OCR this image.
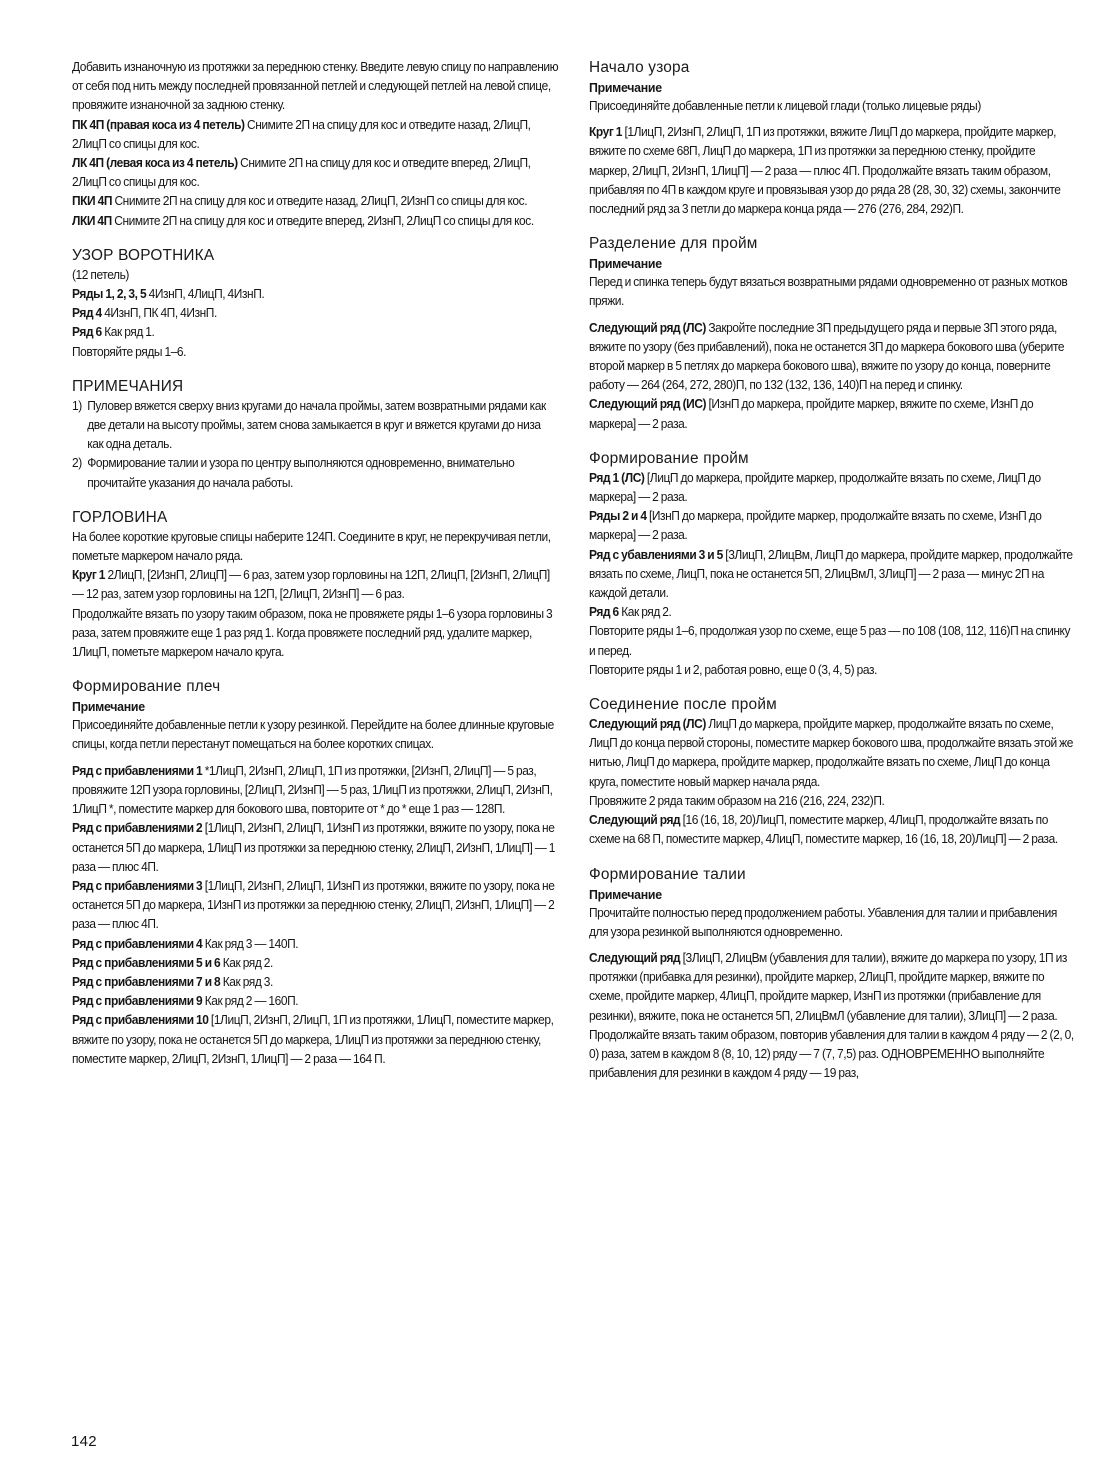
Добавить изнаночную из протяжки за переднюю стенку. Введите левую спицу по направлению от себя под нить между последней провязанной петлей и следующей петлей на левой спице, провяжите изнаночной за заднюю стенку.

ПК 4П (правая коса из 4 петель) Снимите 2П на спицу для кос и отведите назад, 2ЛицП, 2ЛицП со спицы для кос.

ЛК 4П (левая коса из 4 петель) Снимите 2П на спицу для кос и отведите вперед, 2ЛицП, 2ЛицП со спицы для кос.

ПКИ 4П Снимите 2П на спицу для кос и отведите назад, 2ЛицП, 2ИзнП со спицы для кос.

ЛКИ 4П Снимите 2П на спицу для кос и отведите вперед, 2ИзнП, 2ЛицП со спицы для кос.

УЗОР ВОРОТНИКА

(12 петель)

Ряды 1, 2, 3, 5 4ИзнП, 4ЛицП, 4ИзнП.

Ряд 4 4ИзнП, ПК 4П, 4ИзнП.

Ряд 6 Как ряд 1.

Повторяйте ряды 1–6.

ПРИМЕЧАНИЯ
1) Пуловер вяжется сверху вниз кругами до начала проймы, затем возвратными рядами как две детали на высоту проймы, затем снова замыкается в круг и вяжется кругами до низа как одна деталь.
2) Формирование талии и узора по центру выполняются одновременно, внимательно прочитайте указания до начала работы.
ГОРЛОВИНА

На более короткие круговые спицы наберите 124П. Соедините в круг, не перекручивая петли, пометьте маркером начало ряда.

Круг 1 2ЛицП, [2ИзнП, 2ЛицП] — 6 раз, затем узор горловины на 12П, 2ЛицП, [2ИзнП, 2ЛицП] — 12 раз, затем узор горловины на 12П, [2ЛицП, 2ИзнП] — 6 раз.

Продолжайте вязать по узору таким образом, пока не провяжете ряды 1–6 узора горловины 3 раза, затем провяжите еще 1 раз ряд 1. Когда провяжете последний ряд, удалите маркер, 1ЛицП, пометьте маркером начало круга.

Формирование плеч
Примечание

Присоединяйте добавленные петли к узору резинкой. Перейдите на более длинные круговые спицы, когда петли перестанут помещаться на более коротких спицах.

Ряд с прибавлениями 1 *1ЛицП, 2ИзнП, 2ЛицП, 1П из протяжки, [2ИзнП, 2ЛицП] — 5 раз, провяжите 12П узора горловины, [2ЛицП, 2ИзнП] — 5 раз, 1ЛицП из протяжки, 2ЛицП, 2ИзнП, 1ЛицП *, поместите маркер для бокового шва, повторите от * до * еще 1 раз — 128П.

Ряд с прибавлениями 2 [1ЛицП, 2ИзнП, 2ЛицП, 1ИзнП из протяжки, вяжите по узору, пока не останется 5П до маркера, 1ЛицП из протяжки за переднюю стенку, 2ЛицП, 2ИзнП, 1ЛицП] — 1 раза — плюс 4П.

Ряд с прибавлениями 3 [1ЛицП, 2ИзнП, 2ЛицП, 1ИзнП из протяжки, вяжите по узору, пока не останется 5П до маркера, 1ИзнП из протяжки за переднюю стенку, 2ЛицП, 2ИзнП, 1ЛицП] — 2 раза — плюс 4П.

Ряд с прибавлениями 4 Как ряд 3 — 140П.

Ряд с прибавлениями 5 и 6 Как ряд 2.

Ряд с прибавлениями 7 и 8 Как ряд 3.

Ряд с прибавлениями 9 Как ряд 2 — 160П.

Ряд с прибавлениями 10 [1ЛицП, 2ИзнП, 2ЛицП, 1П из протяжки, 1ЛицП, поместите маркер, вяжите по узору, пока не останется 5П до маркера, 1ЛицП из протяжки за переднюю стенку, поместите маркер, 2ЛицП, 2ИзнП, 1ЛицП] — 2 раза — 164 П.

Начало узора
Примечание

Присоединяйте добавленные петли к лицевой глади (только лицевые ряды)

Круг 1 [1ЛицП, 2ИзнП, 2ЛицП, 1П из протяжки, вяжите ЛицП до маркера, пройдите маркер, вяжите по схеме 68П, ЛицП до маркера, 1П из протяжки за переднюю стенку, пройдите маркер, 2ЛицП, 2ИзнП, 1ЛицП] — 2 раза — плюс 4П. Продолжайте вязать таким образом, прибавляя по 4П в каждом круге и провязывая узор до ряда 28 (28, 30, 32) схемы, закончите последний ряд за 3 петли до маркера конца ряда — 276 (276, 284, 292)П.

Разделение для пройм
Примечание

Перед и спинка теперь будут вязаться возвратными рядами одновременно от разных мотков пряжи.

Следующий ряд (ЛС) Закройте последние 3П предыдущего ряда и первые 3П этого ряда, вяжите по узору (без прибавлений), пока не останется 3П до маркера бокового шва (уберите второй маркер в 5 петлях до маркера бокового шва), вяжите по узору до конца, поверните работу — 264 (264, 272, 280)П, по 132 (132, 136, 140)П на перед и спинку.

Следующий ряд (ИС) [ИзнП до маркера, пройдите маркер, вяжите по схеме, ИзнП до маркера] — 2 раза.

Формирование пройм

Ряд 1 (ЛС) [ЛицП до маркера, пройдите маркер, продолжайте вязать по схеме, ЛицП до маркера] — 2 раза.

Ряды 2 и 4 [ИзнП до маркера, пройдите маркер, продолжайте вязать по схеме, ИзнП до маркера] — 2 раза.

Ряд с убавлениями 3 и 5 [3ЛицП, 2ЛицВм, ЛицП до маркера, пройдите маркер, продолжайте вязать по схеме, ЛицП, пока не останется 5П, 2ЛицВмЛ, 3ЛицП] — 2 раза — минус 2П на каждой детали.

Ряд 6 Как ряд 2.

Повторите ряды 1–6, продолжая узор по схеме, еще 5 раз — по 108 (108, 112, 116)П на спинку и перед.

Повторите ряды 1 и 2, работая ровно, еще 0 (3, 4, 5) раз.

Соединение после пройм

Следующий ряд (ЛС) ЛицП до маркера, пройдите маркер, продолжайте вязать по схеме, ЛицП до конца первой стороны, поместите маркер бокового шва, продолжайте вязать этой же нитью, ЛицП до маркера, пройдите маркер, продолжайте вязать по схеме, ЛицП до конца круга, поместите новый маркер начала ряда.

Провяжите 2 ряда таким образом на 216 (216, 224, 232)П.

Следующий ряд [16 (16, 18, 20)ЛицП, поместите маркер, 4ЛицП, продолжайте вязать по схеме на 68 П, поместите маркер, 4ЛицП, поместите маркер, 16 (16, 18, 20)ЛицП] — 2 раза.

Формирование талии
Примечание

Прочитайте полностью перед продолжением работы. Убавления для талии и прибавления для узора резинкой выполняются одновременно.

Следующий ряд [3ЛицП, 2ЛицВм (убавления для талии), вяжите до маркера по узору, 1П из протяжки (прибавка для резинки), пройдите маркер, 2ЛицП, пройдите маркер, вяжите по схеме, пройдите маркер, 4ЛицП, пройдите маркер, ИзнП из протяжки (прибавление для резинки), вяжите, пока не останется 5П, 2ЛицВмЛ (убавление для талии), 3ЛицП] — 2 раза.

Продолжайте вязать таким образом, повторив убавления для талии в каждом 4 ряду — 2 (2, 0, 0) раза, затем в каждом 8 (8, 10, 12) ряду — 7 (7, 7,5) раз. ОДНОВРЕМЕННО выполняйте прибавления для резинки в каждом 4 ряду — 19 раз,

142
